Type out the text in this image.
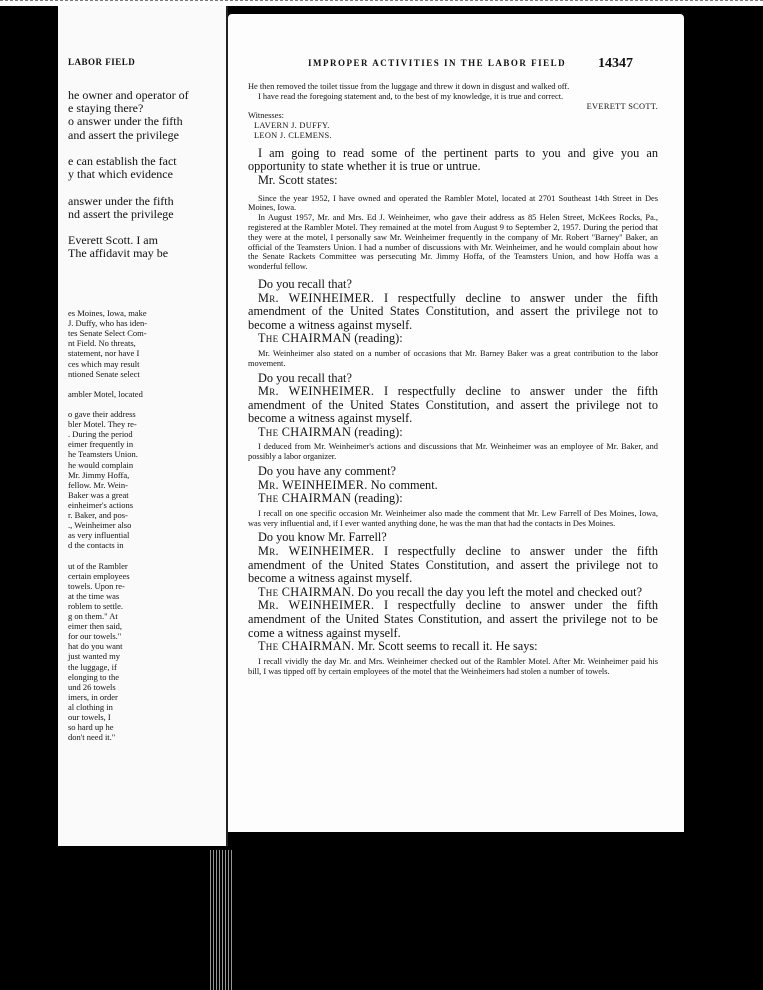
LABOR FIELD
he owner and operator of
e staying there?
o answer under the fifth
and assert the privilege
e can establish the fact
y that which evidence
answer under the fifth
nd assert the privilege
Everett Scott. I am
The affidavit may be
es Moines, Iowa, make
J. Duffy, who has iden-
tes Senate Select Com-
nt Field. No threats,
statement, nor have I
ces which may result
ntioned Senate select
ambler Motel, located
o gave their address
bler Motel. They re-
. During the period
eimer frequently in
he Teamsters Union.
he would complain
Mr. Jimmy Hoffa,
fellow. Mr. Wein-
Baker was a great
einheimer's actions
r. Baker, and pos-
., Weinheimer also
as very influential
d the contacts in
ut of the Rambler
certain employees
towels. Upon re-
at the time was
roblem to settle.
g on them." At
eimer then said,
for our towels."
hat do you want
just wanted my
the luggage, if
elonging to the
und 26 towels
imers, in order
al clothing in
our towels, I
so hard up he
don't need it."
IMPROPER ACTIVITIES IN THE LABOR FIELD 14347

He then removed the toilet tissue from the luggage and threw it down in disgust and walked off.

I have read the foregoing statement and, to the best of my knowledge, it is true and correct.

EVERETT SCOTT.

Witnesses:

LAVERN J. DUFFY.

LEON J. CLEMENS.

I am going to read some of the pertinent parts to you and give you an opportunity to state whether it is true or untrue.

Mr. Scott states:

Since the year 1952, I have owned and operated the Rambler Motel, located at 2701 Southeast 14th Street in Des Moines, Iowa.

In August 1957, Mr. and Mrs. Ed J. Weinheimer, who gave their address as 85 Helen Street, McKees Rocks, Pa., registered at the Rambler Motel. They remained at the motel from August 9 to September 2, 1957. During the period that they were at the motel, I personally saw Mr. Weinheimer frequently in the company of Mr. Robert "Barney" Baker, an official of the Teamsters Union. I had a number of discussions with Mr. Weinheimer, and he would complain about how the Senate Rackets Committee was persecuting Mr. Jimmy Hoffa, of the Teamsters Union, and how Hoffa was a wonderful fellow.

Do you recall that?

Mr. WEINHEIMER. I respectfully decline to answer under the fifth amendment of the United States Constitution, and assert the privilege not to become a witness against myself.

The CHAIRMAN (reading):

Mr. Weinheimer also stated on a number of occasions that Mr. Barney Baker was a great contribution to the labor movement.

Do you recall that?

Mr. WEINHEIMER. I respectfully decline to answer under the fifth amendment of the United States Constitution, and assert the privilege not to become a witness against myself.

The CHAIRMAN (reading):

I deduced from Mr. Weinheimer's actions and discussions that Mr. Weinheimer was an employee of Mr. Baker, and possibly a labor organizer.

Do you have any comment?

Mr. WEINHEIMER. No comment.

The CHAIRMAN (reading):

I recall on one specific occasion Mr. Weinheimer also made the comment that Mr. Lew Farrell of Des Moines, Iowa, was very influential and, if I ever wanted anything done, he was the man that had the contacts in Des Moines.

Do you know Mr. Farrell?

Mr. WEINHEIMER. I respectfully decline to answer under the fifth amendment of the United States Constitution, and assert the privilege not to become a witness against myself.

The CHAIRMAN. Do you recall the day you left the motel and checked out?

Mr. WEINHEIMER. I respectfully decline to answer under the fifth amendment of the United States Constitution, and assert the privilege not to be come a witness against myself.

The CHAIRMAN. Mr. Scott seems to recall it. He says:

I recall vividly the day Mr. and Mrs. Weinheimer checked out of the Rambler Motel. After Mr. Weinheimer paid his bill, I was tipped off by certain employees of the motel that the Weinheimers had stolen a number of towels.
